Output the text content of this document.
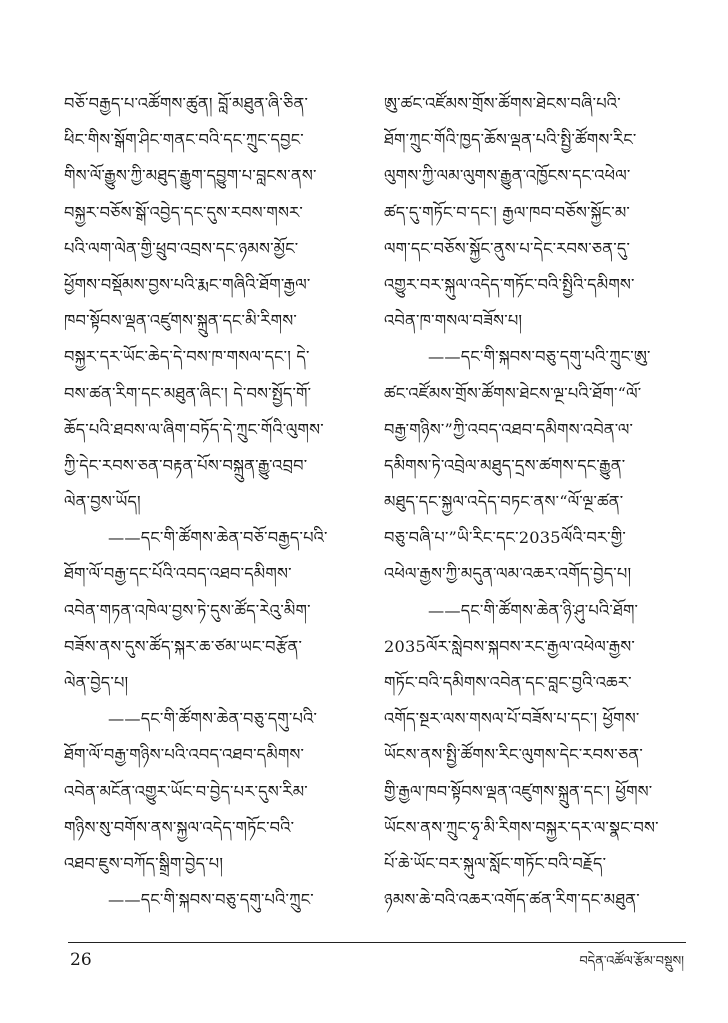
བཅོ་བརྒྱད་པ་འཚོགས་ཚུན། བློ་མཐུན་ཞི་ཅིན་
ཕིང་གིས་སྒོག་ཤིང་གནང་བའི་དང་ཀྲུང་དབྱང་
གིས་ལོ་རྒྱུས་ཀྱི་མཐུད་རྒྱུག་དབྱུག་པ་བླངས་ནས་
བསྐྱར་བཅོས་སྒོ་འབྱེད་དང་དུས་རབས་གསར་
པའི་ལག་ལེན་གྱི་ཕྲུབ་འབྲས་དང་ཉམས་མྱོང་
ཕྱོགས་བསྡོམས་བྱས་པའི་རྨང་གཞིའི་ཐོག་རྒྱལ་
ཁབ་སྟོབས་ལྡན་འཛུགས་སྐྲུན་དང་མི་རིགས་
བསྐྱར་དར་ཡོང་ཆེད་དེ་བས་ཁ་གསལ་དང་། དེ་
བས་ཚན་རིག་དང་མཐུན་ཞིང་། དེ་བས་སྤྱོད་གོ་
ཆོད་པའི་ཐབས་ལ་ཞིག་བཏོད་དེ་ཀྲུང་གོའི་ལུགས་
ཀྱི་དེང་རབས་ཅན་བརྟན་པོས་བསྐྲུན་རྒྱུ་འབྲབ་
ལེན་བྱས་ཡོད།
——དང་གི་ཚོགས་ཆེན་བཅོ་བརྒྱད་པའི་
ཐོག་ལོ་བརྒྱ་དང་པོའི་འབད་འཐབ་དམིགས་
འབེན་གཏན་འཁེལ་བྱས་ཏེ་དུས་ཚོད་རེའུ་མིག་
བཟོས་ནས་དུས་ཚོད་སྐར་ཆ་ཙམ་ཡང་བརྩོན་
ལེན་བྱེད་པ།
——དང་གི་ཚོགས་ཆེན་བཅུ་དགུ་པའི་
ཐོག་ལོ་བརྒྱ་གཉིས་པའི་འབད་འཐབ་དམིགས་
འབེན་མངོན་འགྱུར་ཡོང་བ་བྱེད་པར་དུས་རིམ་
གཉིས་སུ་བགོས་ནས་སྐྱལ་འདེད་གཏོང་བའི་
འཐབ་ཇུས་བཀོད་སྒྲིག་བྱེད་པ།
——དང་གི་སྐབས་བཅུ་དགུ་པའི་ཀྲུང་
ཨུ་ཚང་འཛོམས་གྲོས་ཚོགས་ཐེངས་བཞི་པའི་
ཐོག་ཀྲུང་གོའི་ཁྱད་ཆོས་ལྡན་པའི་སྤྱི་ཚོགས་རིང་
ལུགས་ཀྱི་ལམ་ལུགས་རྒྱུན་འཁྱོངས་དང་འཕེལ་
ཚད་དུ་གཏོང་བ་དང་། རྒྱལ་ཁབ་བཅོས་སྐྱོང་མ་
ལག་དང་བཅོས་སྐྱོང་ནུས་པ་དེང་རབས་ཅན་དུ་
འགྱུར་བར་སྐུལ་འདེད་གཏོང་བའི་སྤྱིའི་དམིགས་
འབེན་ཁ་གསལ་བཟོས་པ།
——དང་གི་སྐབས་བཅུ་དགུ་པའི་ཀྲུང་ཨུ་
ཚང་འཛོམས་གྲོས་ཚོགས་ཐེངས་ལྔ་པའི་ཐོག་“ལོ་
བརྒྱ་གཉིས་”ཀྱི་འབད་འཐབ་དམིགས་འབེན་ལ་
དམིགས་ཏེ་འབྲེལ་མཐུད་དྲས་ཚགས་དང་རྒྱུན་
མཐུད་དང་སྐྱལ་འདེད་བཏང་ནས་“ལོ་ལྔ་ཚན་
བཅུ་བཞི་པ་”ཡི་རིང་དང་2035ལོའི་བར་གྱི་
འཕེལ་རྒྱས་ཀྱི་མདུན་ལམ་འཆར་འགོད་བྱེད་པ།
——དང་གི་ཚོགས་ཆེན་ཉི་ཤུ་པའི་ཐོག་
2035ལོར་སླེབས་སྐབས་རང་རྒྱལ་འཕེལ་རྒྱས་
གཏོང་བའི་དམིགས་འབེན་དང་བླང་བྱའི་འཆར་
འགོད་སྔར་ལས་གསལ་པོ་བཟོས་པ་དང་། ཕྱོགས་
ཡོངས་ནས་སྤྱི་ཚོགས་རིང་ལུགས་དེང་རབས་ཅན་
གྱི་རྒྱལ་ཁབ་སྟོབས་ལྡན་འཛུགས་སྐྲུན་དང་། ཕྱོགས་
ཡོངས་ནས་ཀྲུང་ཧྭ་མི་རིགས་བསྐྱར་དར་ལ་སྣང་བས་
པོ་ཆེ་ཡོང་བར་སྐུལ་སློང་གཏོང་བའི་བརྗོད་
ཉམས་ཆེ་བའི་འཆར་འགོད་ཚན་རིག་དང་མཐུན་
26	བདེན་འཚོལ་རྩོམ་བསྡུས།
